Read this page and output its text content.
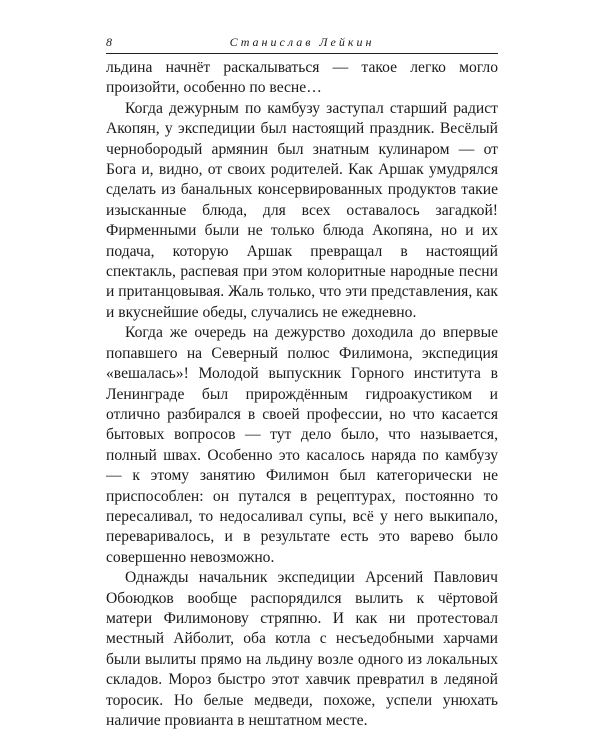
8	Станислав Лейкин

льдина начнёт раскалываться — такое легко могло произойти, особенно по весне…

Когда дежурным по камбузу заступал старший радист Акопян, у экспедиции был настоящий праздник. Весёлый чернобородый армянин был знатным кулинаром — от Бога и, видно, от своих родителей. Как Аршак умудрялся сделать из банальных консервированных продуктов такие изысканные блюда, для всех оставалось загадкой! Фирменными были не только блюда Акопяна, но и их подача, которую Аршак превращал в настоящий спектакль, распевая при этом колоритные народные песни и пританцовывая. Жаль только, что эти представления, как и вкуснейшие обеды, случались не ежедневно.

Когда же очередь на дежурство доходила до впервые попавшего на Северный полюс Филимона, экспедиция «вешалась»! Молодой выпускник Горного института в Ленинграде был прирождённым гидроакустиком и отлично разбирался в своей профессии, но что касается бытовых вопросов — тут дело было, что называется, полный швах. Особенно это касалось наряда по камбузу — к этому занятию Филимон был категорически не приспособлен: он путался в рецептурах, постоянно то пересаливал, то недосаливал супы, всё у него выкипало, переваривалось, и в результате есть это варево было совершенно невозможно.

Однажды начальник экспедиции Арсений Павлович Обоюдков вообще распорядился вылить к чёртовой матери Филимонову стряпню. И как ни протестовал местный Айболит, оба котла с несъедобными харчами были вылиты прямо на льдину возле одного из локальных складов. Мороз быстро этот хавчик превратил в ледяной торосик. Но белые медведи, похоже, успели унюхать наличие провианта в нештатном месте.
